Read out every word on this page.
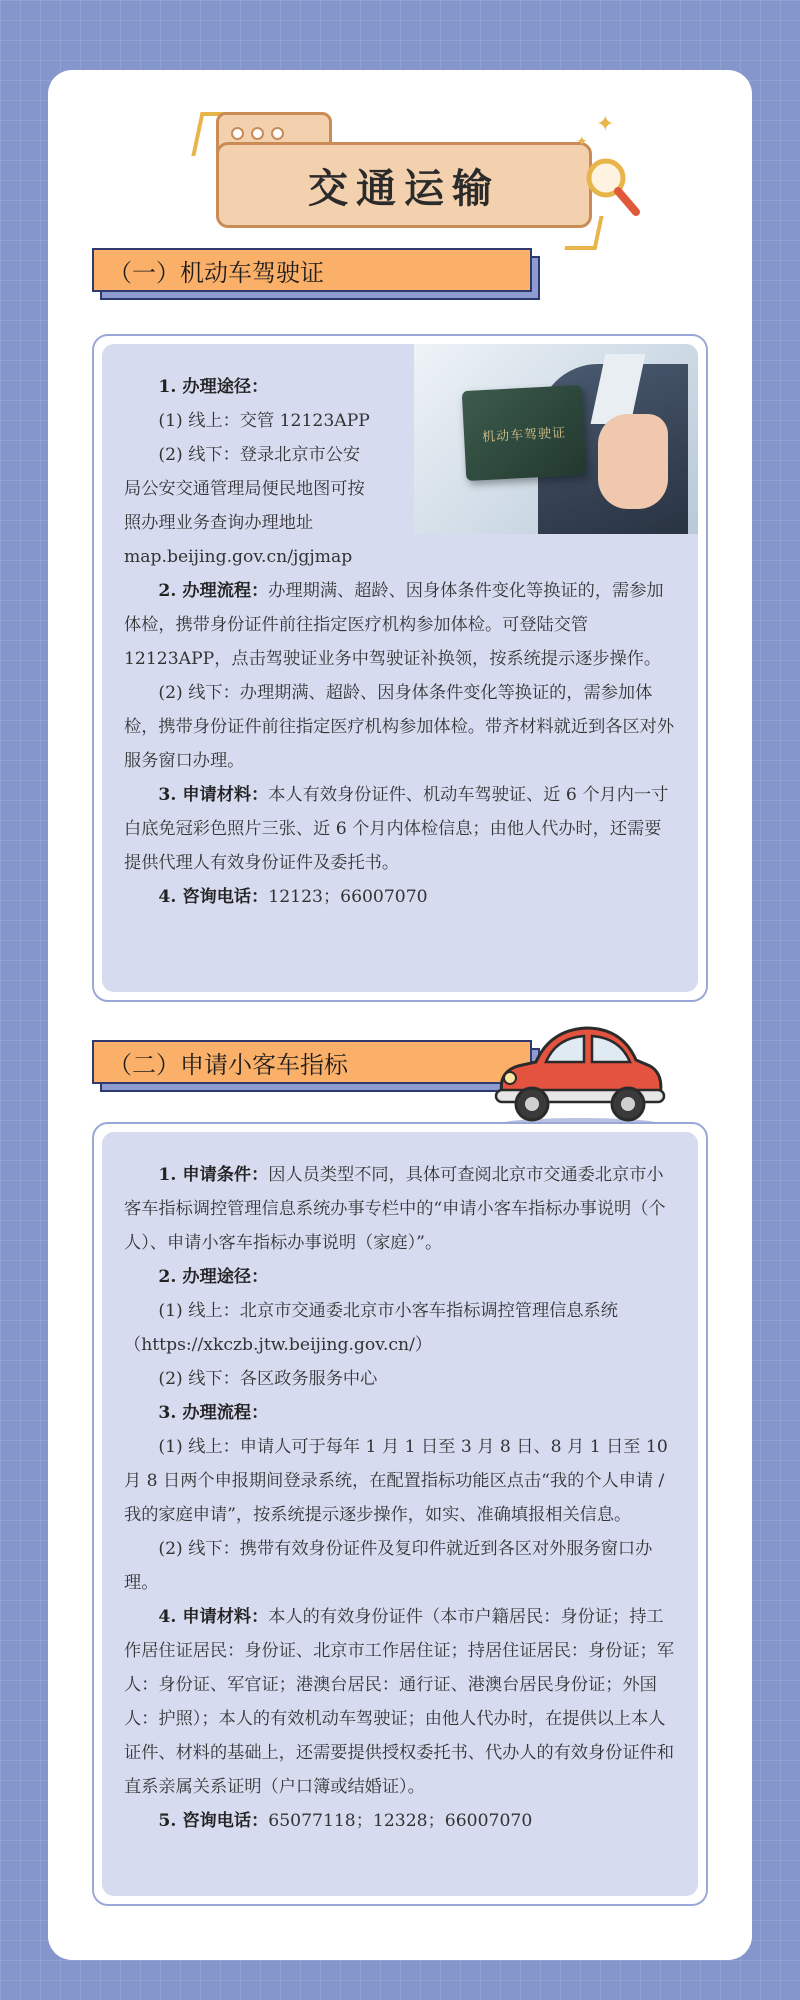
交通运输
✦
✦
（一）机动车驾驶证
机动车驾驶证

1. 办理途径：

(1) 线上：交管 12123APP

(2) 线下：登录北京市公安

局公安交通管理局便民地图可按

照办理业务查询办理地址

map.beijing.gov.cn/jgjmap

2. 办理流程：办理期满、超龄、因身体条件变化等换证的，需参加体检，携带身份证件前往指定医疗机构参加体检。可登陆交管 12123APP，点击驾驶证业务中驾驶证补换领，按系统提示逐步操作。

(2) 线下：办理期满、超龄、因身体条件变化等换证的，需参加体检，携带身份证件前往指定医疗机构参加体检。带齐材料就近到各区对外服务窗口办理。

3. 申请材料：本人有效身份证件、机动车驾驶证、近 6 个月内一寸白底免冠彩色照片三张、近 6 个月内体检信息；由他人代办时，还需要提供代理人有效身份证件及委托书。

4. 咨询电话：12123；66007070

（二）申请小客车指标

1. 申请条件：因人员类型不同，具体可查阅北京市交通委北京市小客车指标调控管理信息系统办事专栏中的“申请小客车指标办事说明（个人）、申请小客车指标办事说明（家庭）”。

2. 办理途径：

(1) 线上：北京市交通委北京市小客车指标调控管理信息系统（https://xkczb.jtw.beijing.gov.cn/）

(2) 线下：各区政务服务中心

3. 办理流程：

(1) 线上：申请人可于每年 1 月 1 日至 3 月 8 日、8 月 1 日至 10 月 8 日两个申报期间登录系统，在配置指标功能区点击“我的个人申请 / 我的家庭申请”，按系统提示逐步操作，如实、准确填报相关信息。

(2) 线下：携带有效身份证件及复印件就近到各区对外服务窗口办理。

4. 申请材料：本人的有效身份证件（本市户籍居民：身份证；持工作居住证居民：身份证、北京市工作居住证；持居住证居民：身份证；军人：身份证、军官证；港澳台居民：通行证、港澳台居民身份证；外国人：护照）；本人的有效机动车驾驶证；由他人代办时，在提供以上本人证件、材料的基础上，还需要提供授权委托书、代办人的有效身份证件和直系亲属关系证明（户口簿或结婚证）。

5. 咨询电话：65077118；12328；66007070
